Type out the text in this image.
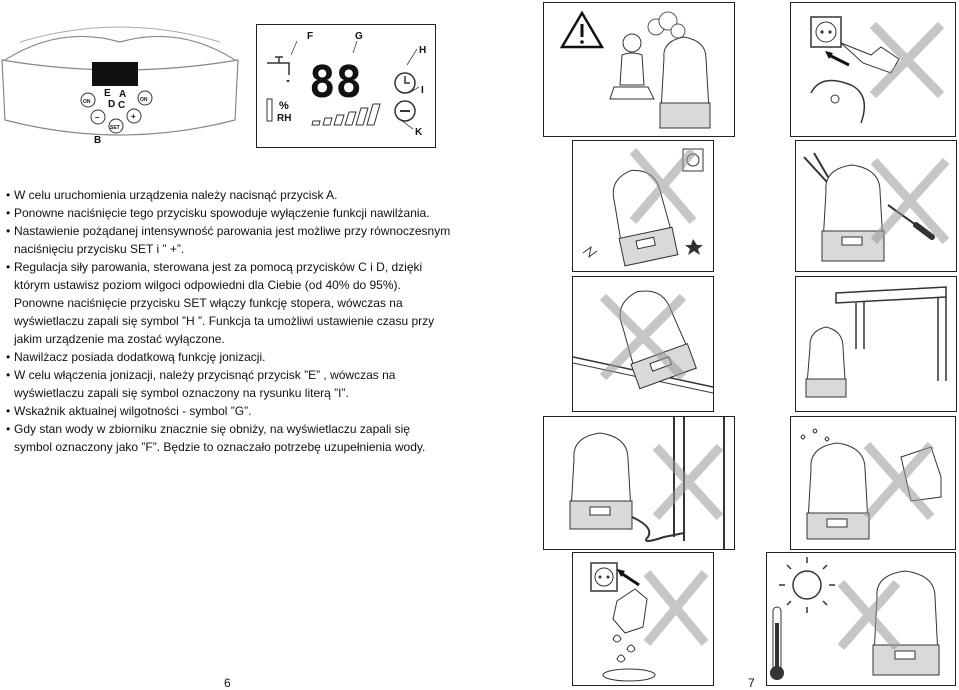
ON	ON
SET
–	+
E A
D C
B
F	G
H
I
K
88
%
RH
• W celu uruchomienia urządzenia należy nacisnąć przycisk A.
• Ponowne naciśnięcie tego przycisku spowoduje wyłączenie funkcji nawilżania.
• Nastawienie pożądanej intensywność parowania jest możliwe przy równoczesnym
naciśnięciu przycisku SET i ” +”.
• Regulacja siły parowania, sterowana jest za pomocą przycisków C i D, dzięki
którym ustawisz poziom wilgoci odpowiedni dla Ciebie (od 40% do 95%).
Ponowne naciśnięcie przycisku SET włączy funkcję stopera, wówczas na
wyświetlaczu zapali się symbol ”H ”. Funkcja ta umożliwi ustawienie czasu przy
jakim urządzenie ma zostać wyłączone.
• Nawilżacz posiada dodatkową funkcję jonizacji.
• W celu włączenia jonizacji, należy przycisnąć przycisk ”E” , wówczas na
wyświetlaczu zapali się symbol oznaczony na rysunku literą ”I”.
• Wskaźnik aktualnej wilgotności - symbol ”G”.
• Gdy stan wody w zbiorniku znacznie się obniży, na wyświetlaczu zapali się
symbol oznaczony jako ”F”. Będzie to oznaczało potrzebę uzupełnienia wody.
6	7
